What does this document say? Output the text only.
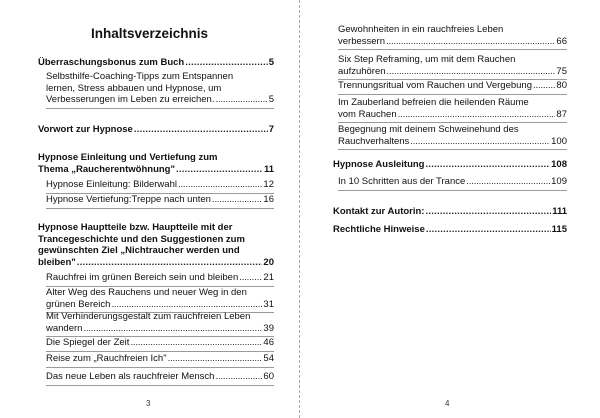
Inhaltsverzeichnis
Überraschungsbonus zum Buch . . .	5
Selbsthilfe-Coaching-Tipps zum Entspannen
lernen, Stress abbauen und Hypnose, um
Verbesserungen im Leben zu erreichen. . . .	5
Vorwort zur Hypnose . . .	7
Hypnose Einleitung und Vertiefung zum
Thema „Raucherentwöhnung" . . .	11
Hypnose Einleitung: Bilderwahl . . .	12
Hypnose Vertiefung:Treppe nach unten . . .	16
Hypnose Hauptteile bzw. Hauptteile mit der
Trancegeschichte und den Suggestionen zum
gewünschten Ziel „Nichtraucher werden und
bleiben" . . .	20
Rauchfrei im grünen Bereich sein und bleiben . . .	21
Alter Weg des Rauchens und neuer Weg in den
grünen Bereich . . .	31
Mit Verhinderungsgestalt zum rauchfreien Leben
wandern . . .	39
Die Spiegel der Zeit . . .	46
Reise zum „Rauchfreien Ich" . . .	54
Das neue Leben als rauchfreier Mensch . . .	60
3
Gewohnheiten in ein rauchfreies Leben
verbessern . . .	66
Six Step Reframing, um mit dem Rauchen
aufzuhören . . .	75
Trennungsritual vom Rauchen und Vergebung . . .	80
Im Zauberland befreien die heilenden Räume
vom Rauchen . . .	87
Begegnung mit deinem Schweinehund des
Rauchverhaltens . . .	100
Hypnose Ausleitung . . .	108
In 10 Schritten aus der Trance . . .	109
Kontakt zur Autorin: . . .	111
Rechtliche Hinweise . . .	115
4
